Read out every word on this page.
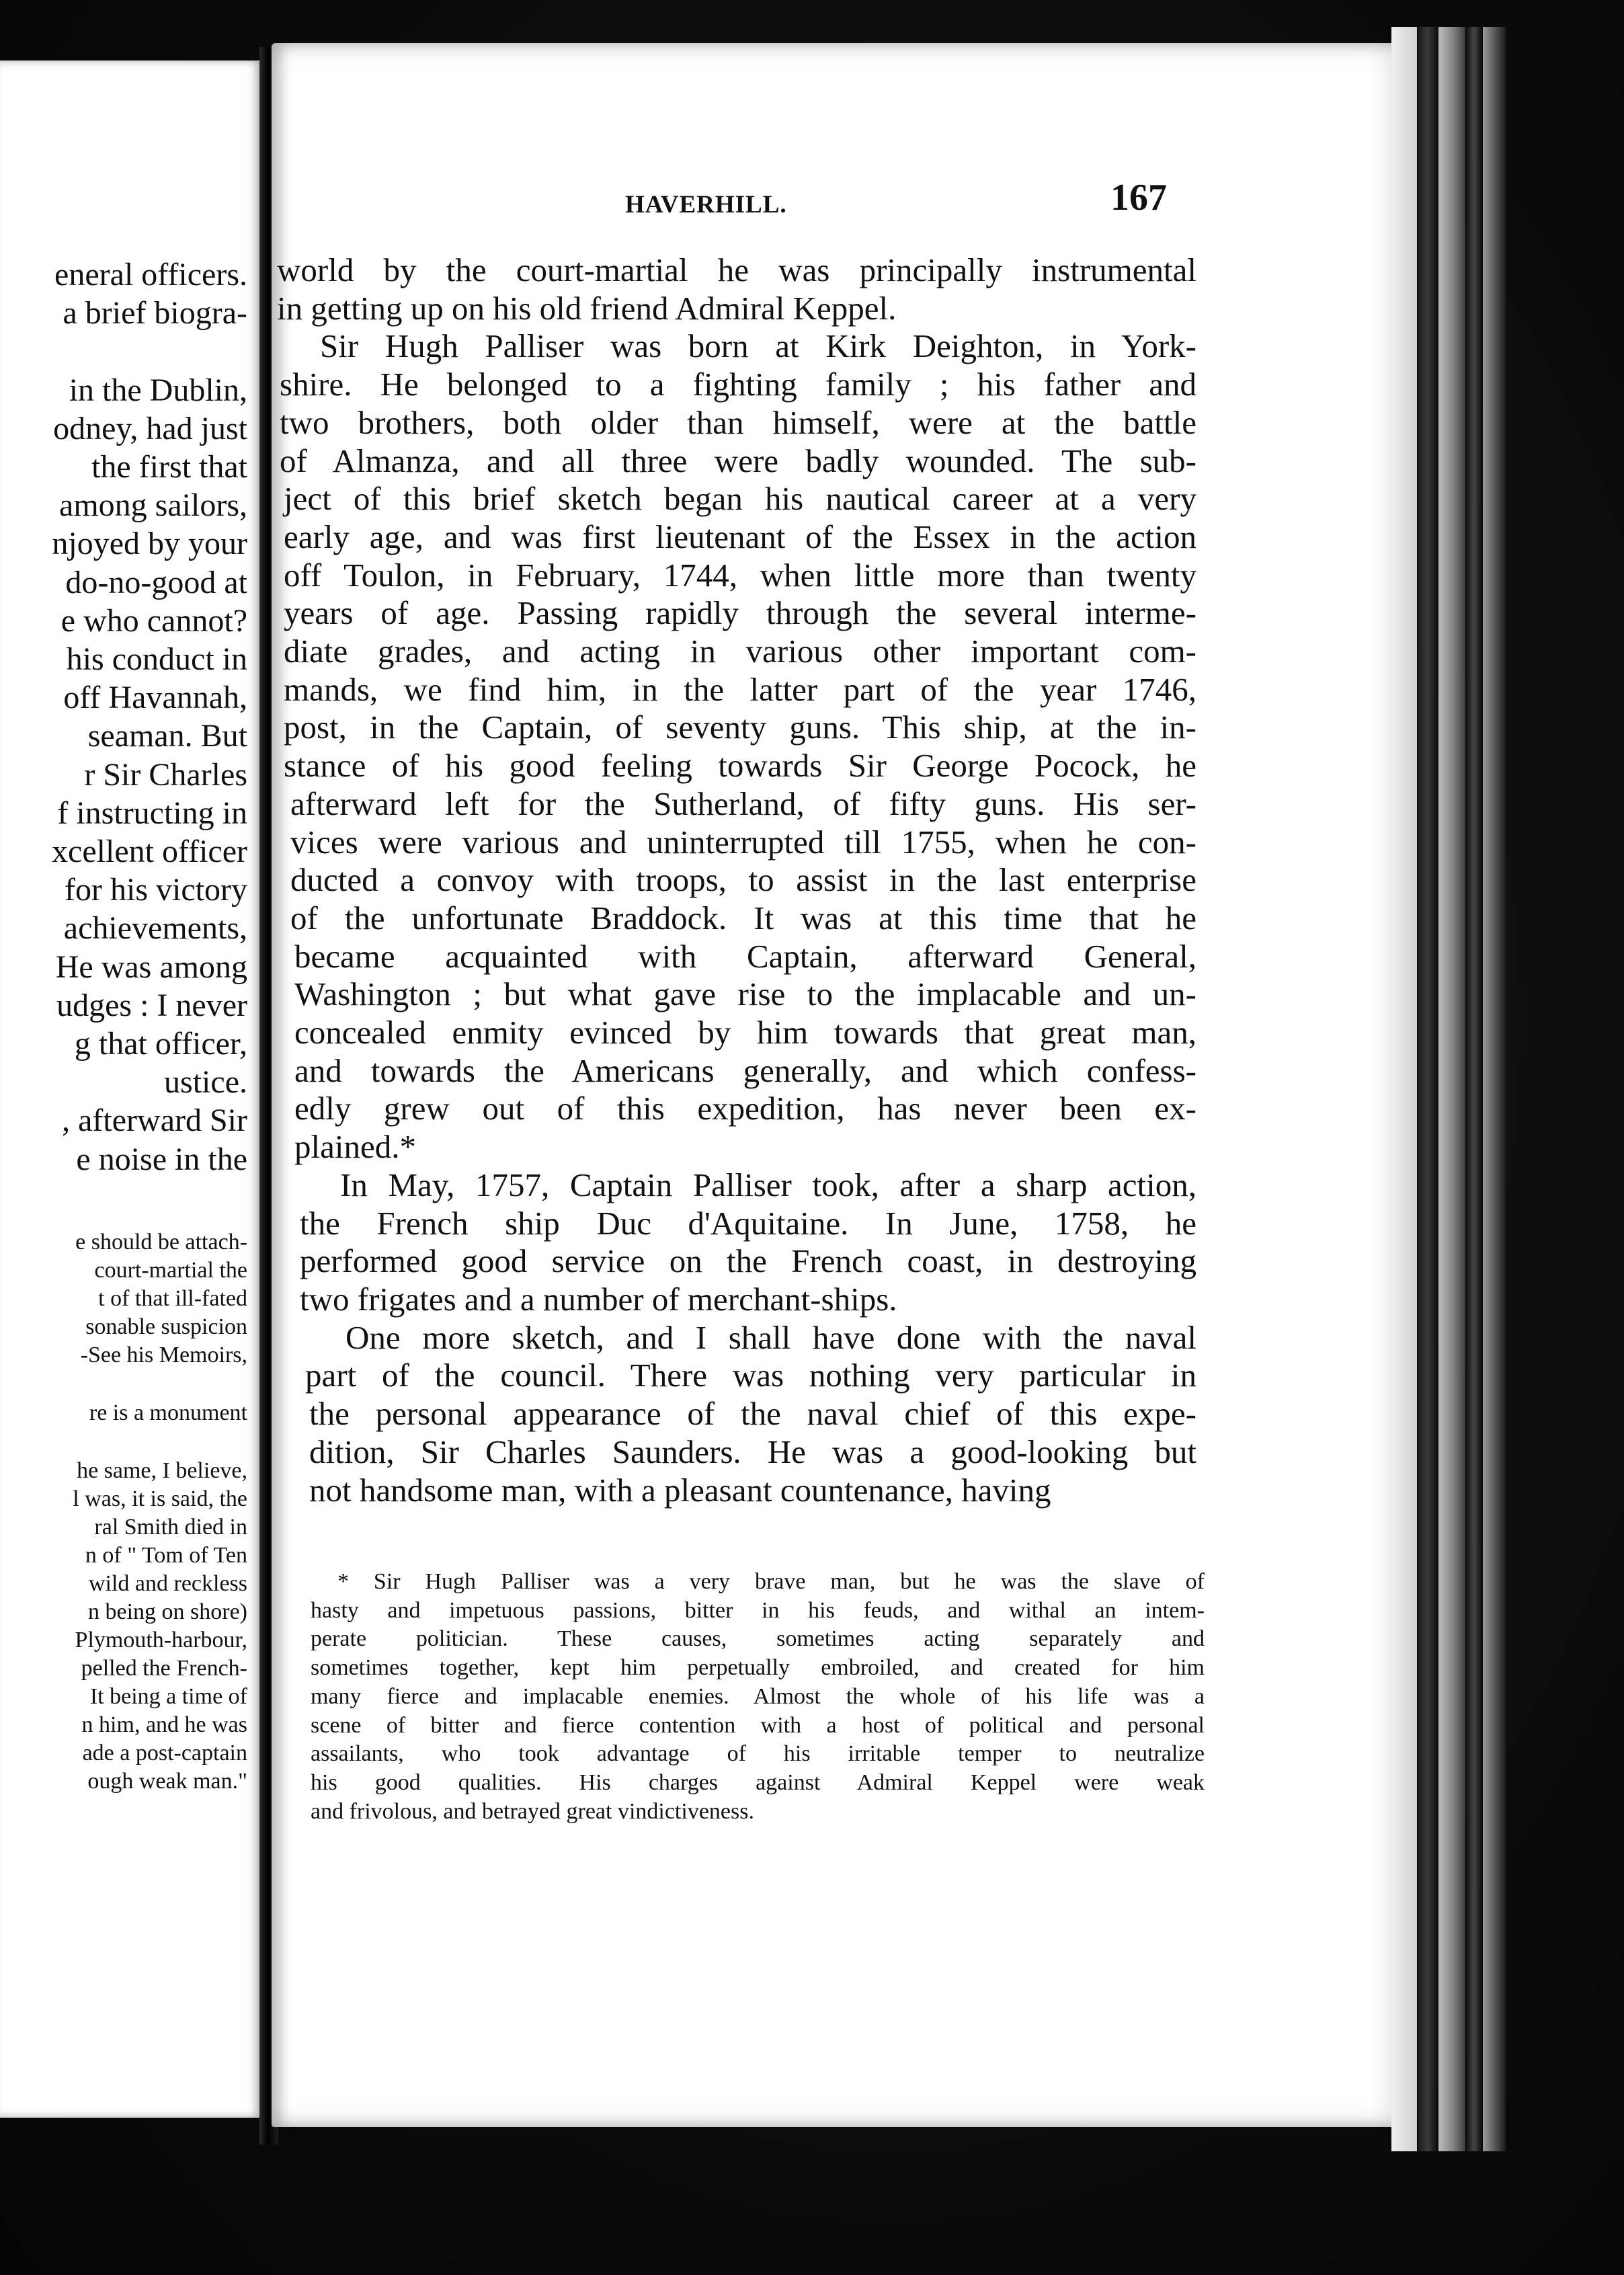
eneral officers.
a brief biogra-

in the Dublin,
odney, had just
the first that
among sailors,
njoyed by your
do-no-good at
e who cannot?
his conduct in
off Havannah,
seaman. But
r Sir Charles
f instructing in
xcellent officer
for his victory
achievements,
He was among
udges : I never
g that officer,
ustice.
, afterward Sir
e noise in the
e should be attach-
court-martial the
t of that ill-fated
sonable suspicion
-See his Memoirs,
re is a monument
he same, I believe,
l was, it is said, the
ral Smith died in
n of " Tom of Ten
wild and reckless
n being on shore)
Plymouth-harbour,
pelled the French-
It being a time of
n him, and he was
ade a post-captain
ough weak man."
HAVERHILL.	167
world by the court-martial he was principally instrumental
in getting up on his old friend Admiral Keppel.
Sir Hugh Palliser was born at Kirk Deighton, in York-
shire. He belonged to a fighting family ; his father and
two brothers, both older than himself, were at the battle
of Almanza, and all three were badly wounded. The sub-
ject of this brief sketch began his nautical career at a very
early age, and was first lieutenant of the Essex in the action
off Toulon, in February, 1744, when little more than twenty
years of age. Passing rapidly through the several interme-
diate grades, and acting in various other important com-
mands, we find him, in the latter part of the year 1746,
post, in the Captain, of seventy guns. This ship, at the in-
stance of his good feeling towards Sir George Pocock, he
afterward left for the Sutherland, of fifty guns. His ser-
vices were various and uninterrupted till 1755, when he con-
ducted a convoy with troops, to assist in the last enterprise
of the unfortunate Braddock. It was at this time that he
became acquainted with Captain, afterward General,
Washington ; but what gave rise to the implacable and un-
concealed enmity evinced by him towards that great man,
and towards the Americans generally, and which confess-
edly grew out of this expedition, has never been ex-
plained.*
In May, 1757, Captain Palliser took, after a sharp action,
the French ship Duc d'Aquitaine. In June, 1758, he
performed good service on the French coast, in destroying
two frigates and a number of merchant-ships.
One more sketch, and I shall have done with the naval
part of the council. There was nothing very particular in
the personal appearance of the naval chief of this expe-
dition, Sir Charles Saunders. He was a good-looking but
not handsome man, with a pleasant countenance, having
* Sir Hugh Palliser was a very brave man, but he was the slave of
hasty and impetuous passions, bitter in his feuds, and withal an intem-
perate politician. These causes, sometimes acting separately and
sometimes together, kept him perpetually embroiled, and created for him
many fierce and implacable enemies. Almost the whole of his life was a
scene of bitter and fierce contention with a host of political and personal
assailants, who took advantage of his irritable temper to neutralize
his good qualities. His charges against Admiral Keppel were weak
and frivolous, and betrayed great vindictiveness.
